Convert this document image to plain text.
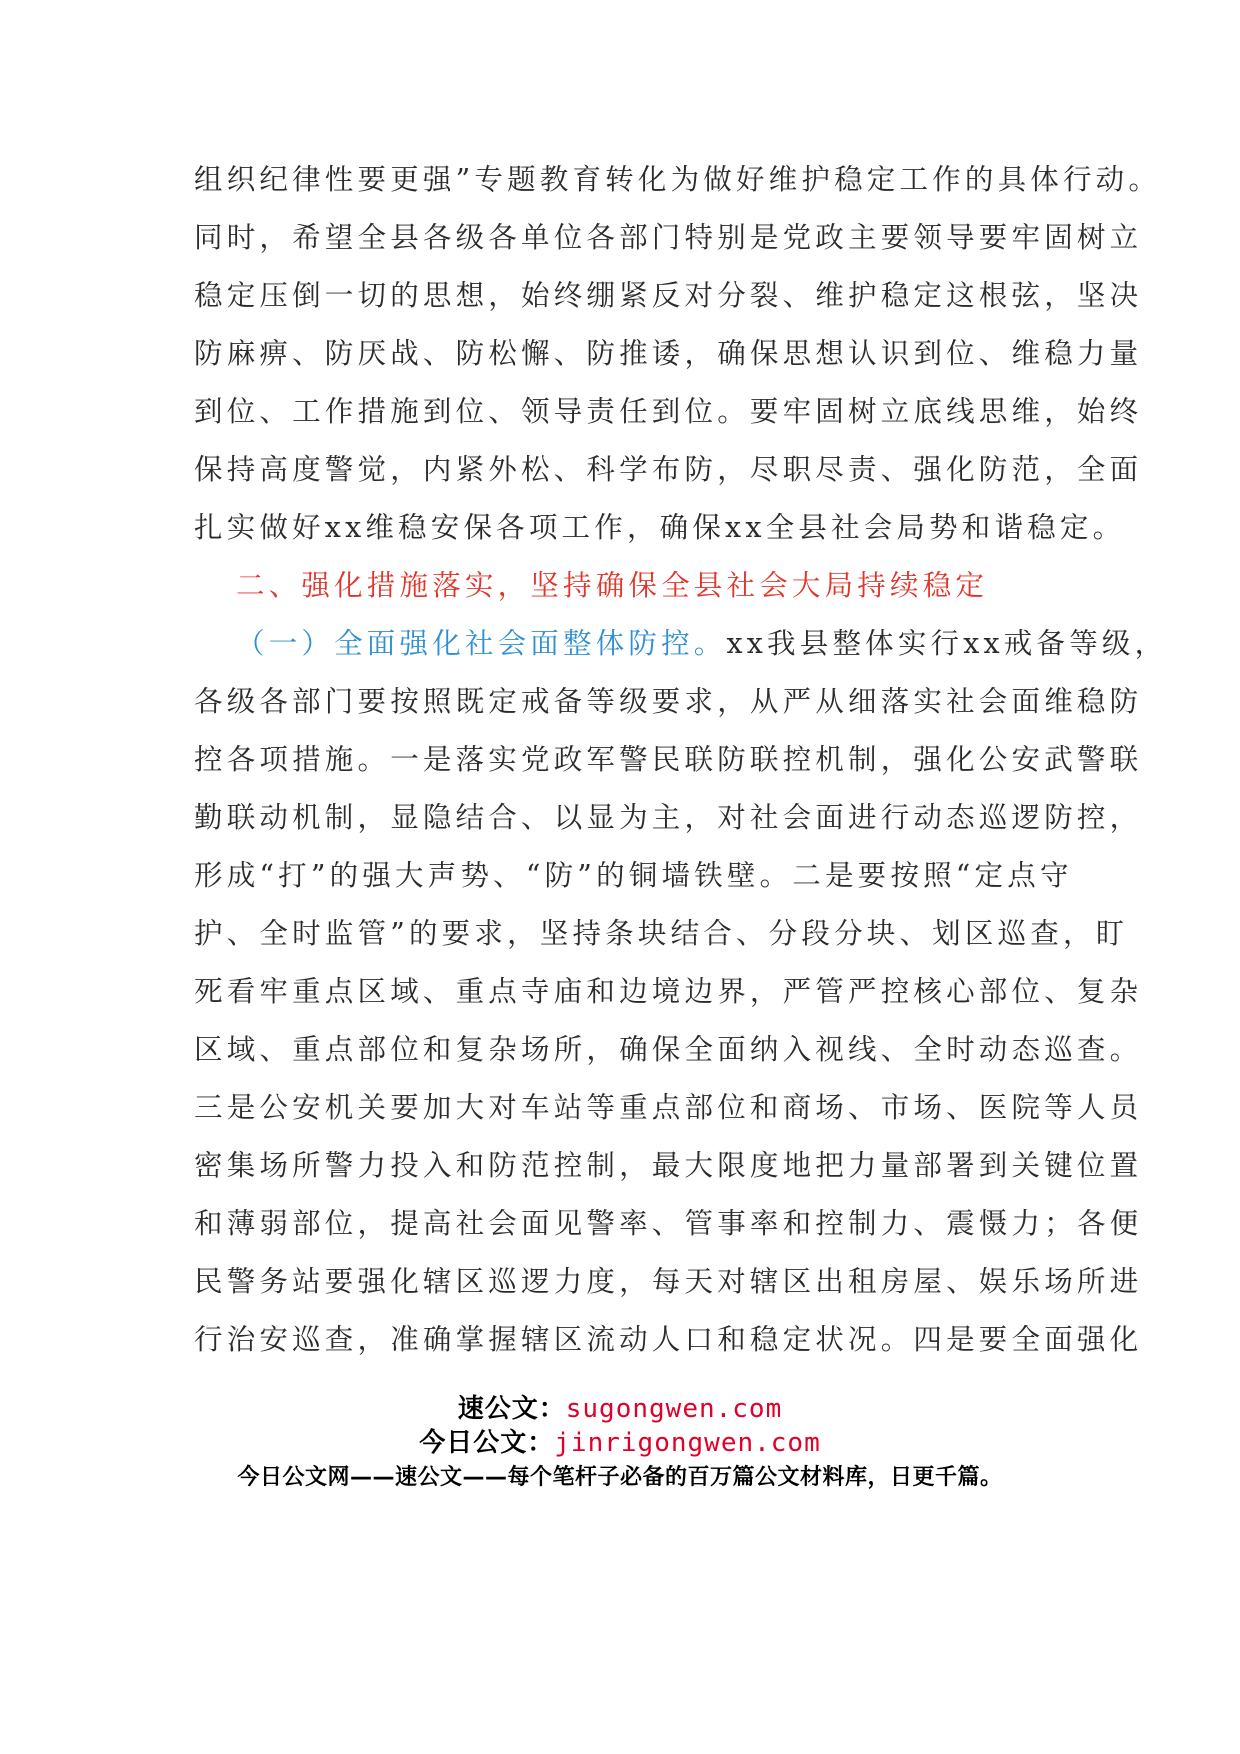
组织纪律性要更强”专题教育转化为做好维护稳定工作的具体行动。
同时，希望全县各级各单位各部门特别是党政主要领导要牢固树立
稳定压倒一切的思想，始终绷紧反对分裂、维护稳定这根弦，坚决
防麻痹、防厌战、防松懈、防推诿，确保思想认识到位、维稳力量
到位、工作措施到位、领导责任到位。要牢固树立底线思维，始终
保持高度警觉，内紧外松、科学布防，尽职尽责、强化防范，全面
扎实做好xx维稳安保各项工作，确保xx全县社会局势和谐稳定。
二、强化措施落实，坚持确保全县社会大局持续稳定
（一）全面强化社会面整体防控。xx我县整体实行xx戒备等级，
各级各部门要按照既定戒备等级要求，从严从细落实社会面维稳防
控各项措施。一是落实党政军警民联防联控机制，强化公安武警联
勤联动机制，显隐结合、以显为主，对社会面进行动态巡逻防控，
形成“打”的强大声势、“防”的铜墙铁壁。二是要按照“定点守
护、全时监管”的要求，坚持条块结合、分段分块、划区巡查，盯
死看牢重点区域、重点寺庙和边境边界，严管严控核心部位、复杂
区域、重点部位和复杂场所，确保全面纳入视线、全时动态巡查。
三是公安机关要加大对车站等重点部位和商场、市场、医院等人员
密集场所警力投入和防范控制，最大限度地把力量部署到关键位置
和薄弱部位，提高社会面见警率、管事率和控制力、震慑力；各便
民警务站要强化辖区巡逻力度，每天对辖区出租房屋、娱乐场所进
行治安巡查，准确掌握辖区流动人口和稳定状况。四是要全面强化
速公文：sugongwen.com
今日公文：jinrigongwen.com
今日公文网——速公文——每个笔杆子必备的百万篇公文材料库，日更千篇。
